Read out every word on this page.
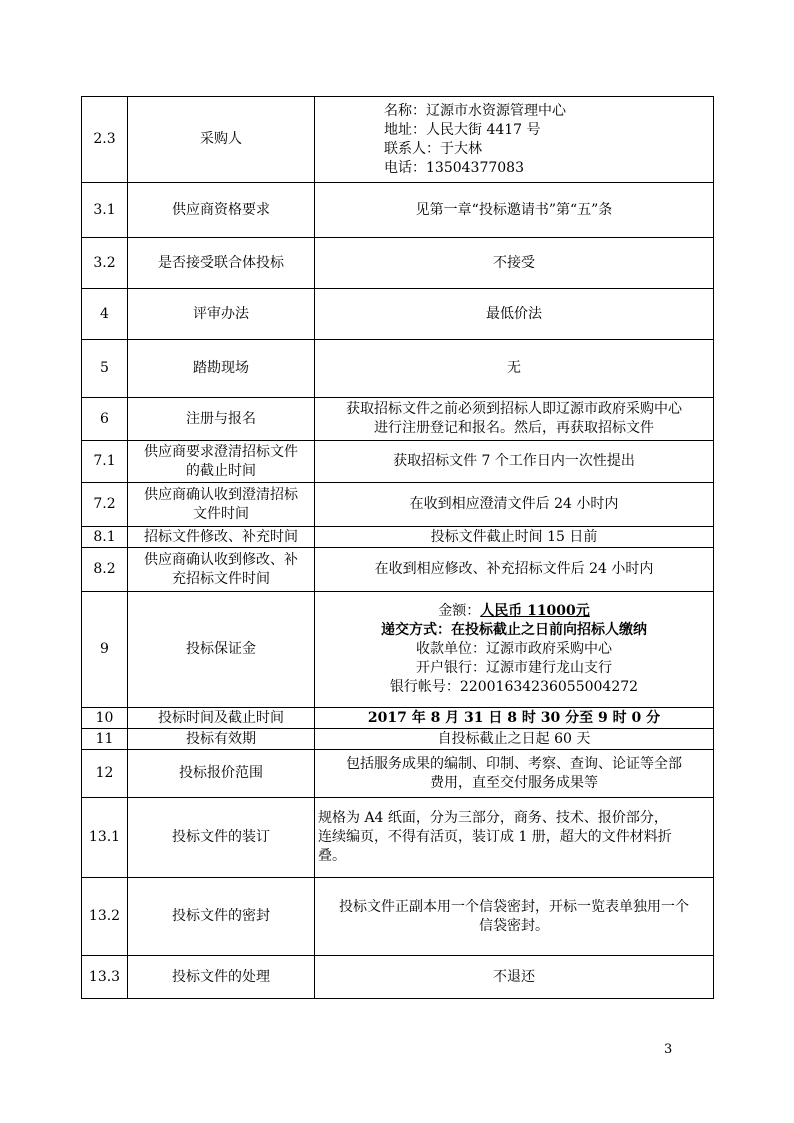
2.3	采购人	名称：辽源市水资源管理中心
地址：人民大街 4417 号
联系人：于大林
电话：13504377083

3.1	供应商资格要求	见第一章“投标邀请书”第“五”条
3.2	是否接受联合体投标	不接受
4	评审办法	最低价法
5	踏勘现场	无
6	注册与报名	获取招标文件之前必须到招标人即辽源市政府采购中心
进行注册登记和报名。然后，再获取招标文件

7.1	供应商要求澄清招标文件
的截止时间	获取招标文件 7 个工作日内一次性提出
7.2	供应商确认收到澄清招标
文件时间	在收到相应澄清文件后 24 小时内
8.1	招标文件修改、补充时间	投标文件截止时间 15 日前
8.2	供应商确认收到修改、补
充招标文件时间	在收到相应修改、补充招标文件后 24 小时内
9	投标保证金	金额：人民币 11000元
递交方式：在投标截止之日前向招标人缴纳
收款单位：辽源市政府采购中心
开户银行：辽源市建行龙山支行
银行帐号：22001634236055004272

10	投标时间及截止时间	2017 年 8 月 31 日 8 时 30 分至 9 时 0 分
11	投标有效期	自投标截止之日起 60 天
12	投标报价范围	包括服务成果的编制、印制、考察、查询、论证等全部
费用，直至交付服务成果等

13.1	投标文件的装订	规格为 A4 纸面，分为三部分，商务、技术、报价部分，
连续编页，不得有活页，装订成 1 册，超大的文件材料折
叠。

13.2	投标文件的密封	投标文件正副本用一个信袋密封，开标一览表单独用一个
信袋密封。

13.3	投标文件的处理	不退还
3
